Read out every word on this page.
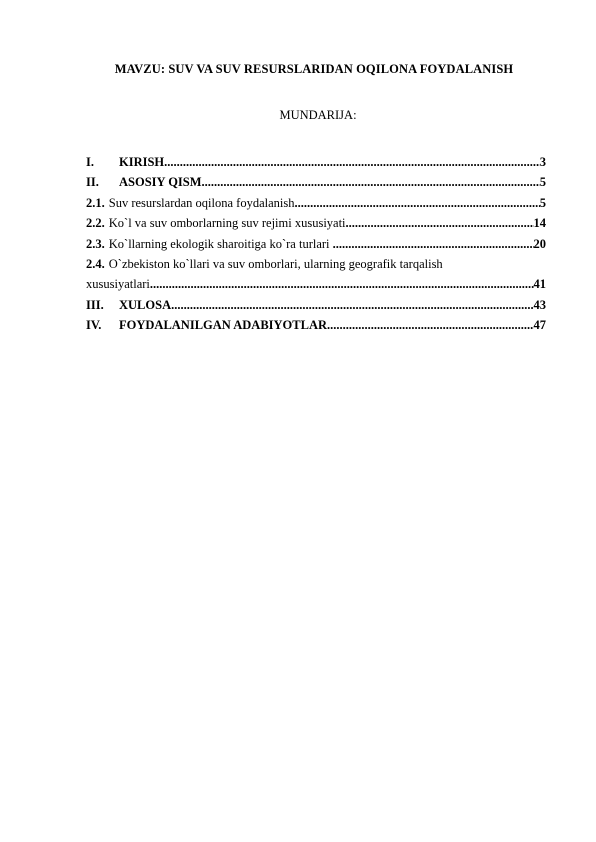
MAVZU: SUV VA SUV RESURSLARIDAN OQILONA FOYDALANISH
MUNDARIJA:
I.	KIRISH .....	3
II.	ASOSIY QISM .....	5
2.1. Suv resurslardan oqilona foydalanish .....	5
2.2. Ko`l va suv omborlarning suv rejimi xususiyati .....	14
2.3. Ko`llarning ekologik sharoitiga ko`ra turlari .....	20
2.4. O`zbekiston ko`llari va suv omborlari, ularning geografik tarqalish
xususiyatlari .....	41
III.	XULOSA .....	43
IV.	FOYDALANILGAN ADABIYOTLAR .....	47
